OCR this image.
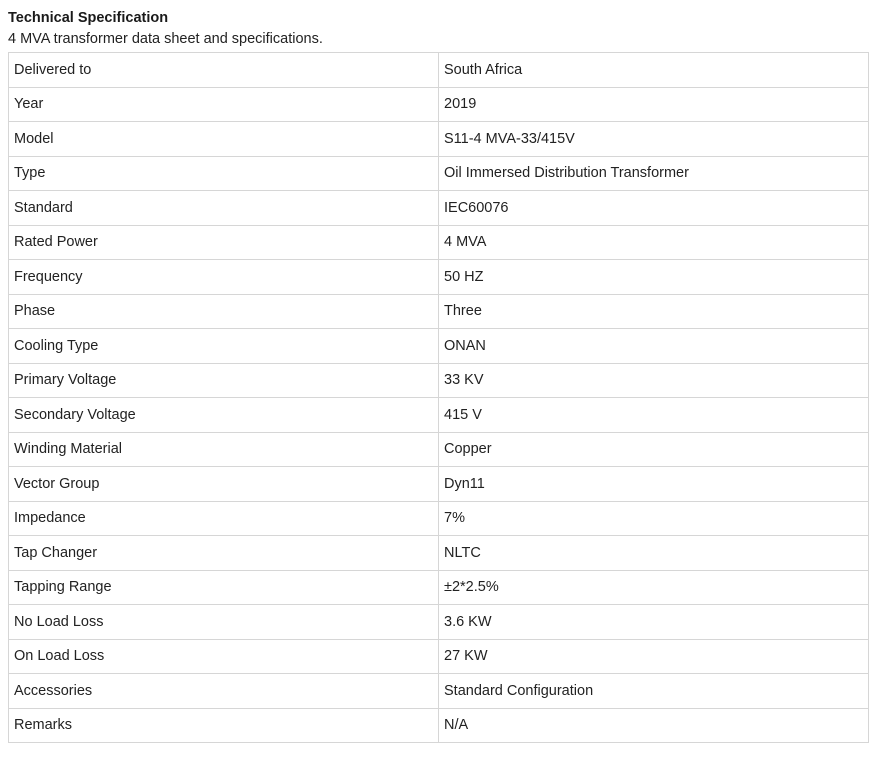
Technical Specification
4 MVA transformer data sheet and specifications.
Delivered to	South Africa
Year	2019
Model	S11-4 MVA-33/415V
Type	Oil Immersed Distribution Transformer
Standard	IEC60076
Rated Power	4 MVA
Frequency	50 HZ
Phase	Three
Cooling Type	ONAN
Primary Voltage	33 KV
Secondary Voltage	415 V
Winding Material	Copper
Vector Group	Dyn11
Impedance	7%
Tap Changer	NLTC
Tapping Range	±2*2.5%
No Load Loss	3.6 KW
On Load Loss	27 KW
Accessories	Standard Configuration
Remarks	N/A
